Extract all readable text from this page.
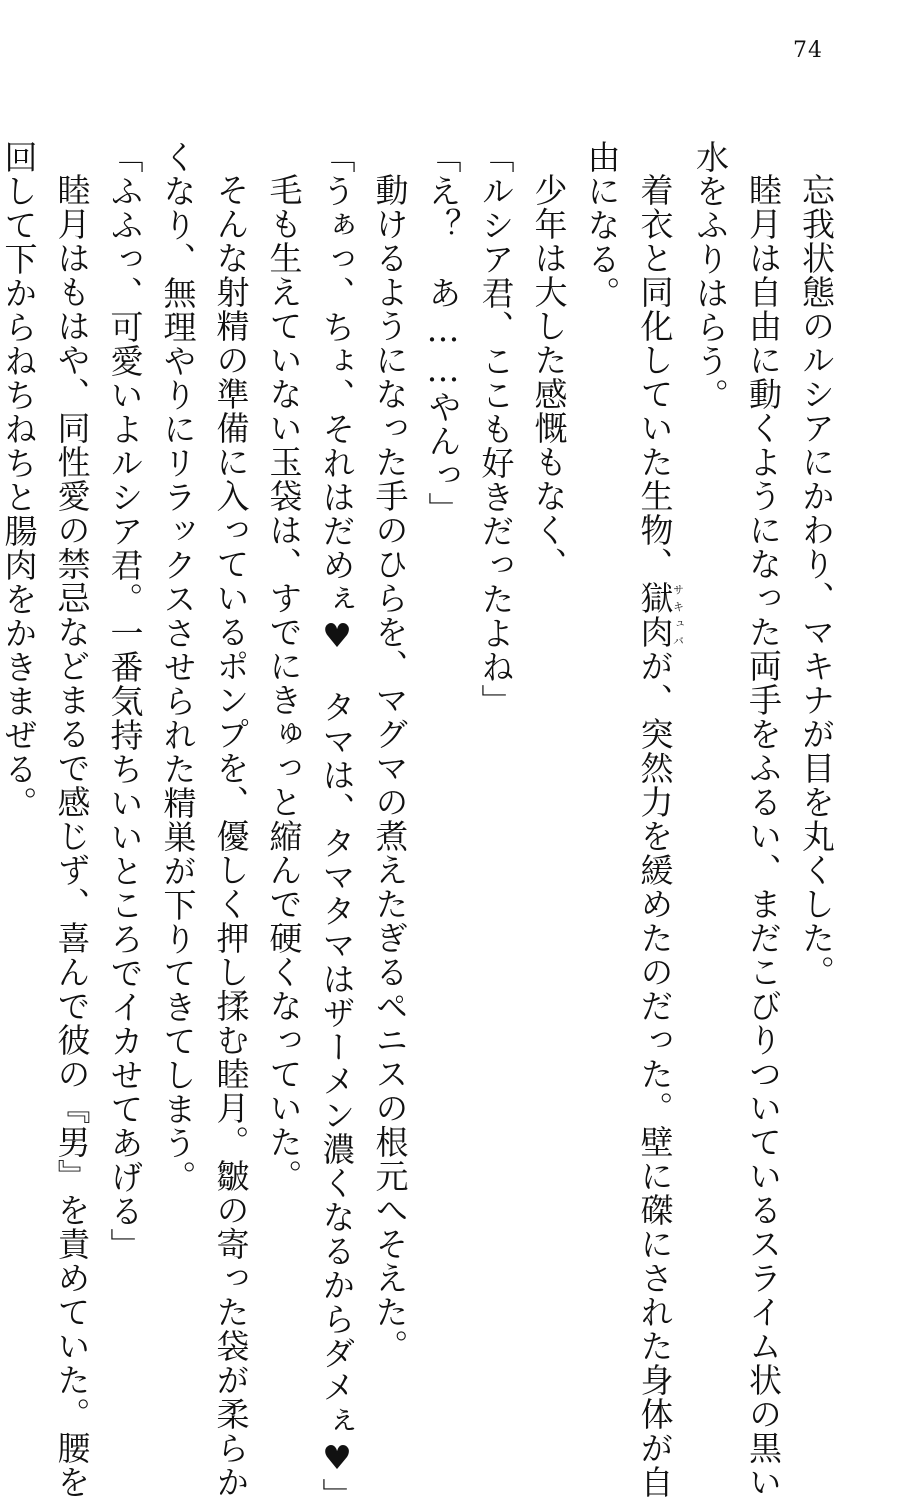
74
忘我状態のルシアにかわり、マキナが目を丸くした。
睦月は自由に動くようになった両手をふるい、まだこびりついているスライム状の黒い
水をふりはらう。
着衣と同化していた生物、獄肉サキュバが、突然力を緩めたのだった。壁に磔にされた身体が自
由になる。
少年は大した感慨もなく、
「ルシア君、ここも好きだったよね」
「え？　あ……やんっ」
動けるようになった手のひらを、マグマの煮えたぎるペニスの根元へそえた。
「うぁっ、ちょ、それはだめぇ♥　タマは、タマタマはザーメン濃くなるからダメぇ♥」
毛も生えていない玉袋は、すでにきゅっと縮んで硬くなっていた。
そんな射精の準備に入っているポンプを、優しく押し揉む睦月。皺の寄った袋が柔らか
くなり、無理やりにリラックスさせられた精巣が下りてきてしまう。
「ふふっ、可愛いよルシア君。一番気持ちいいところでイカせてあげる」
睦月はもはや、同性愛の禁忌などまるで感じず、喜んで彼の『男』を責めていた。腰を
回して下からねちねちと腸肉をかきまぜる。
